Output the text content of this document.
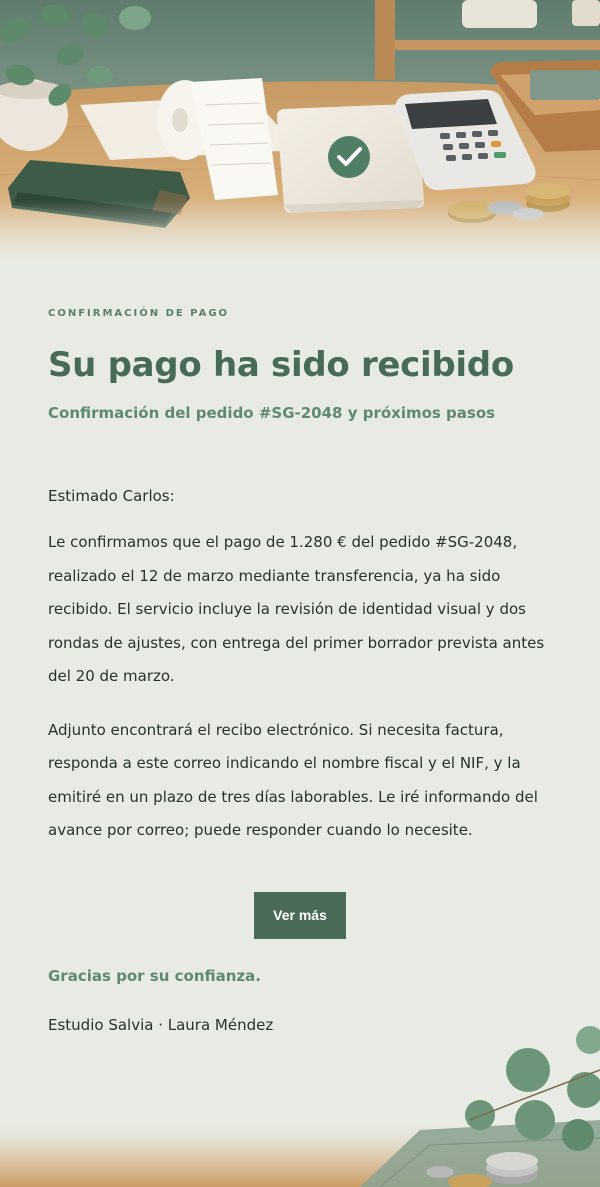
CONFIRMACIÓN DE PAGO
Su pago ha sido recibido
Confirmación del pedido #SG-2048 y próximos pasos

Estimado Carlos:

Le confirmamos que el pago de 1.280 € del pedido #SG-2048, realizado el 12 de marzo mediante transferencia, ya ha sido recibido. El servicio incluye la revisión de identidad visual y dos rondas de ajustes, con entrega del primer borrador prevista antes del 20 de marzo.

Adjunto encontrará el recibo electrónico. Si necesita factura, responda a este correo indicando el nombre fiscal y el NIF, y la emitiré en un plazo de tres días laborables. Le iré informando del avance por correo; puede responder cuando lo necesite.

Ver más
Gracias por su confianza.
Estudio Salvia · Laura Méndez
